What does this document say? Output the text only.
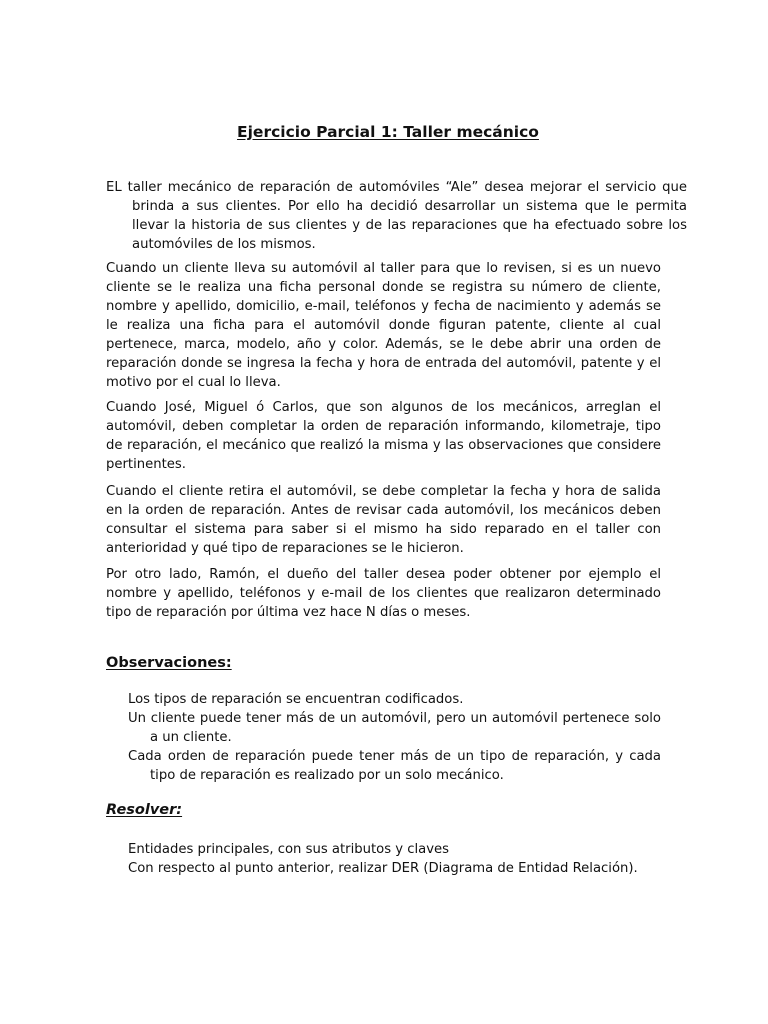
Ejercicio Parcial 1: Taller mecánico

EL taller mecánico de reparación de automóviles “Ale” desea mejorar el servicio que brinda a sus clientes. Por ello ha decidió desarrollar un sistema que le permita llevar la historia de sus clientes y de las reparaciones que ha efectuado sobre los automóviles de los mismos.

Cuando un cliente lleva su automóvil al taller para que lo revisen, si es un nuevo cliente se le realiza una ficha personal donde se registra su número de cliente, nombre y apellido, domicilio, e-mail, teléfonos y fecha de nacimiento y además se le realiza una ficha para el automóvil donde figuran patente, cliente al cual pertenece, marca, modelo, año y color. Además, se le debe abrir una orden de reparación donde se ingresa la fecha y hora de entrada del automóvil, patente y el motivo por el cual lo lleva.

Cuando José, Miguel ó Carlos, que son algunos de los mecánicos, arreglan el automóvil, deben completar la orden de reparación informando, kilometraje, tipo de reparación, el mecánico que realizó la misma y las observaciones que considere pertinentes.

Cuando el cliente retira el automóvil, se debe completar la fecha y hora de salida en la orden de reparación. Antes de revisar cada automóvil, los mecánicos deben consultar el sistema para saber si el mismo ha sido reparado en el taller con anterioridad y qué tipo de reparaciones se le hicieron.

Por otro lado, Ramón, el dueño del taller desea poder obtener por ejemplo el nombre y apellido, teléfonos y e-mail de los clientes que realizaron determinado tipo de reparación por última vez hace N días o meses.

Observaciones:
Los tipos de reparación se encuentran codificados.
Un cliente puede tener más de un automóvil, pero un automóvil pertenece solo a un cliente.
Cada orden de reparación puede tener más de un tipo de reparación, y cada tipo de reparación es realizado por un solo mecánico.
Resolver:
Entidades principales, con sus atributos y claves
Con respecto al punto anterior, realizar DER (Diagrama de Entidad Relación).
